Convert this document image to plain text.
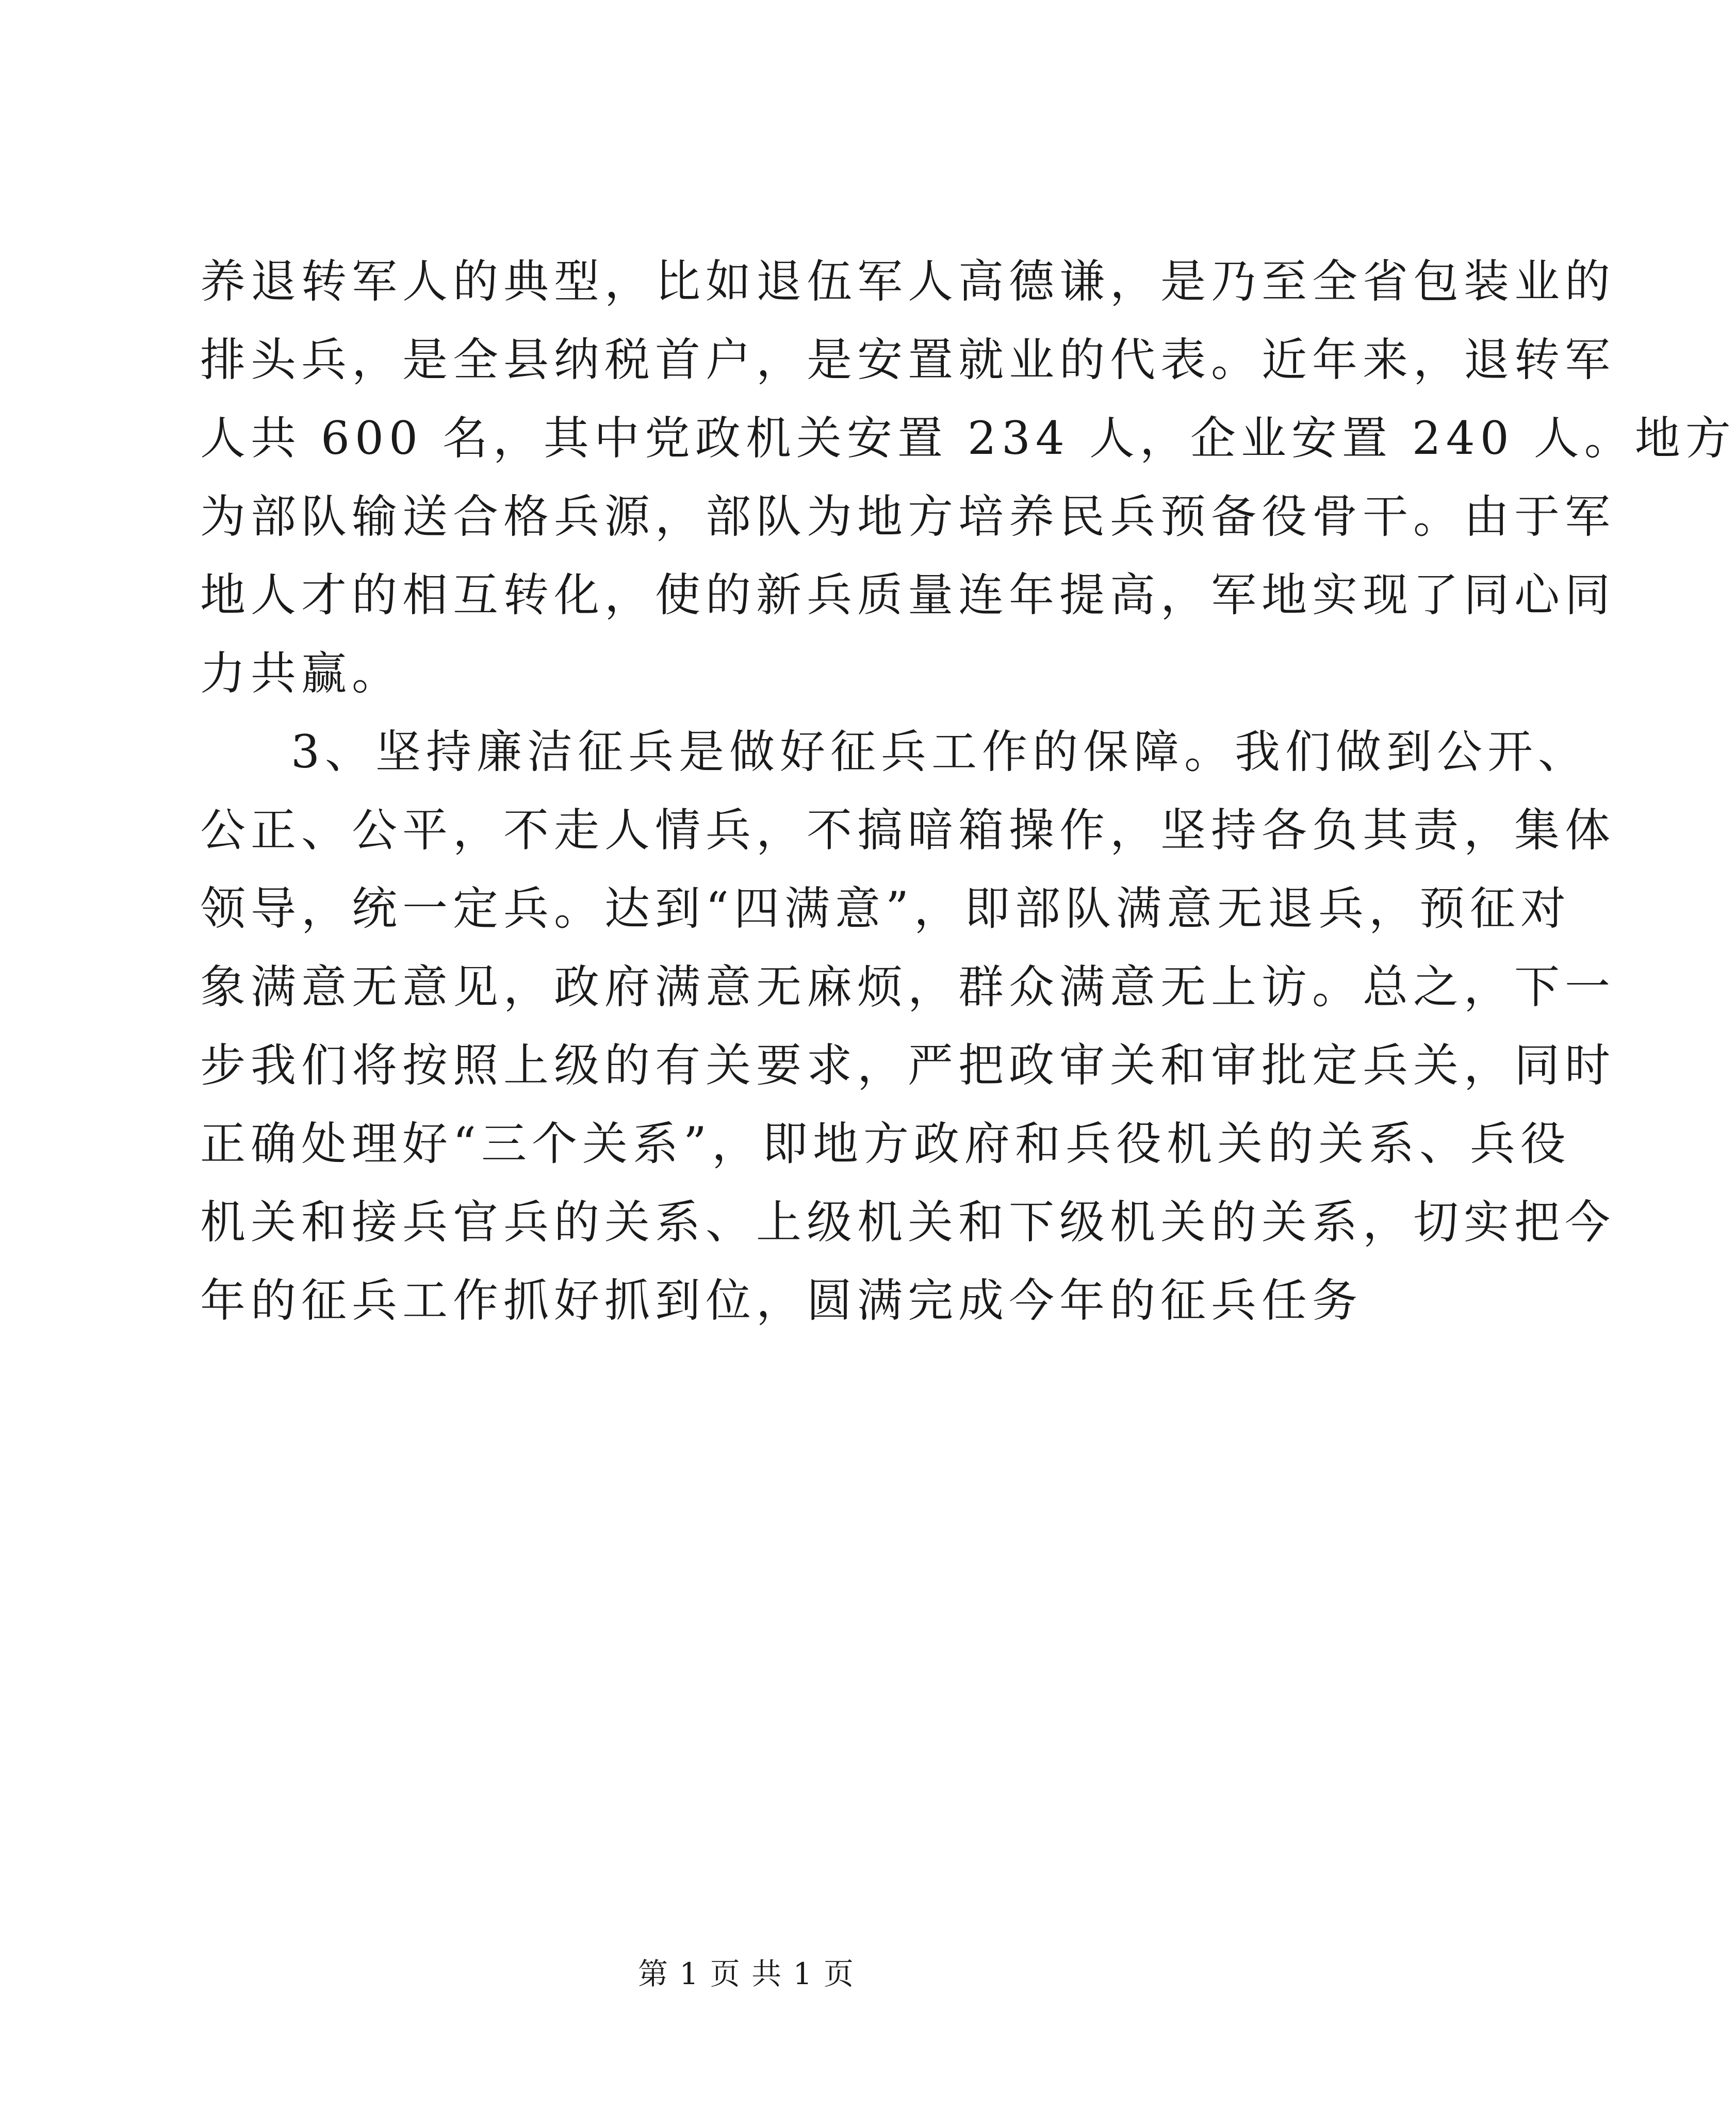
养退转军人的典型，比如退伍军人高德谦，是乃至全省包装业的
排头兵，是全县纳税首户，是安置就业的代表。近年来，退转军
人共 600 名，其中党政机关安置 234 人，企业安置 240 人。地方
为部队输送合格兵源，部队为地方培养民兵预备役骨干。由于军
地人才的相互转化，使的新兵质量连年提高，军地实现了同心同
力共赢。
3、坚持廉洁征兵是做好征兵工作的保障。我们做到公开、
公正、公平，不走人情兵，不搞暗箱操作，坚持各负其责，集体
领导，统一定兵。达到“四满意”，即部队满意无退兵，预征对
象满意无意见，政府满意无麻烦，群众满意无上访。总之，下一
步我们将按照上级的有关要求，严把政审关和审批定兵关，同时
正确处理好“三个关系”，即地方政府和兵役机关的关系、兵役
机关和接兵官兵的关系、上级机关和下级机关的关系，切实把今
年的征兵工作抓好抓到位，圆满完成今年的征兵任务
第 1 页 共 1 页
